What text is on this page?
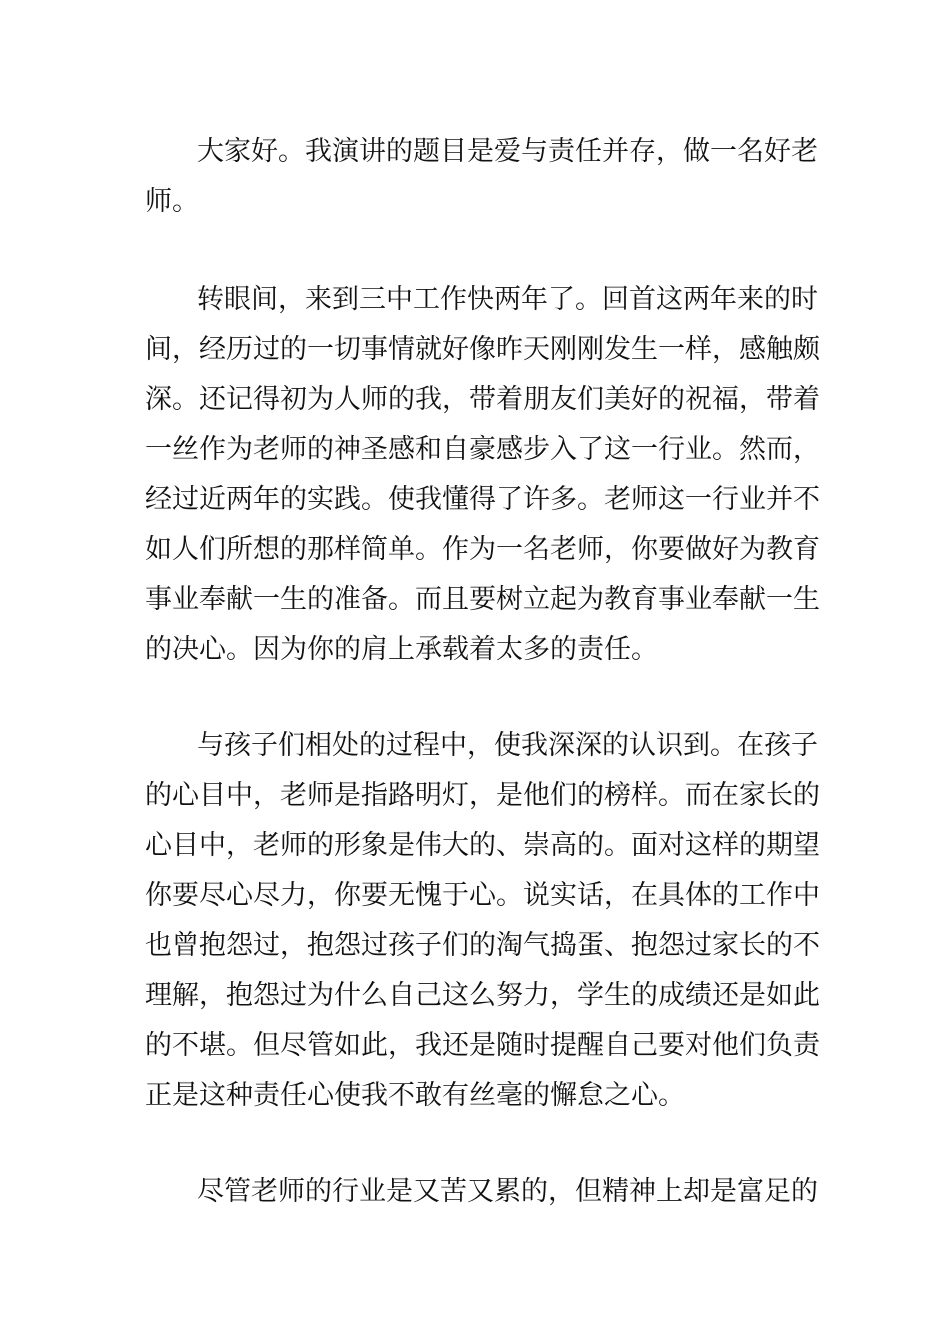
大家好。我演讲的题目是爱与责任并存，做一名好老
师。
转眼间，来到三中工作快两年了。回首这两年来的时
间，经历过的一切事情就好像昨天刚刚发生一样，感触颇
深。还记得初为人师的我，带着朋友们美好的祝福，带着
一丝作为老师的神圣感和自豪感步入了这一行业。然而，
经过近两年的实践。使我懂得了许多。老师这一行业并不
如人们所想的那样简单。作为一名老师，你要做好为教育
事业奉献一生的准备。而且要树立起为教育事业奉献一生
的决心。因为你的肩上承载着太多的责任。
与孩子们相处的过程中，使我深深的认识到。在孩子
的心目中，老师是指路明灯，是他们的榜样。而在家长的
心目中，老师的形象是伟大的、崇高的。面对这样的期望
你要尽心尽力，你要无愧于心。说实话，在具体的工作中
也曾抱怨过，抱怨过孩子们的淘气捣蛋、抱怨过家长的不
理解，抱怨过为什么自己这么努力，学生的成绩还是如此
的不堪。但尽管如此，我还是随时提醒自己要对他们负责
正是这种责任心使我不敢有丝毫的懈怠之心。
尽管老师的行业是又苦又累的，但精神上却是富足的
